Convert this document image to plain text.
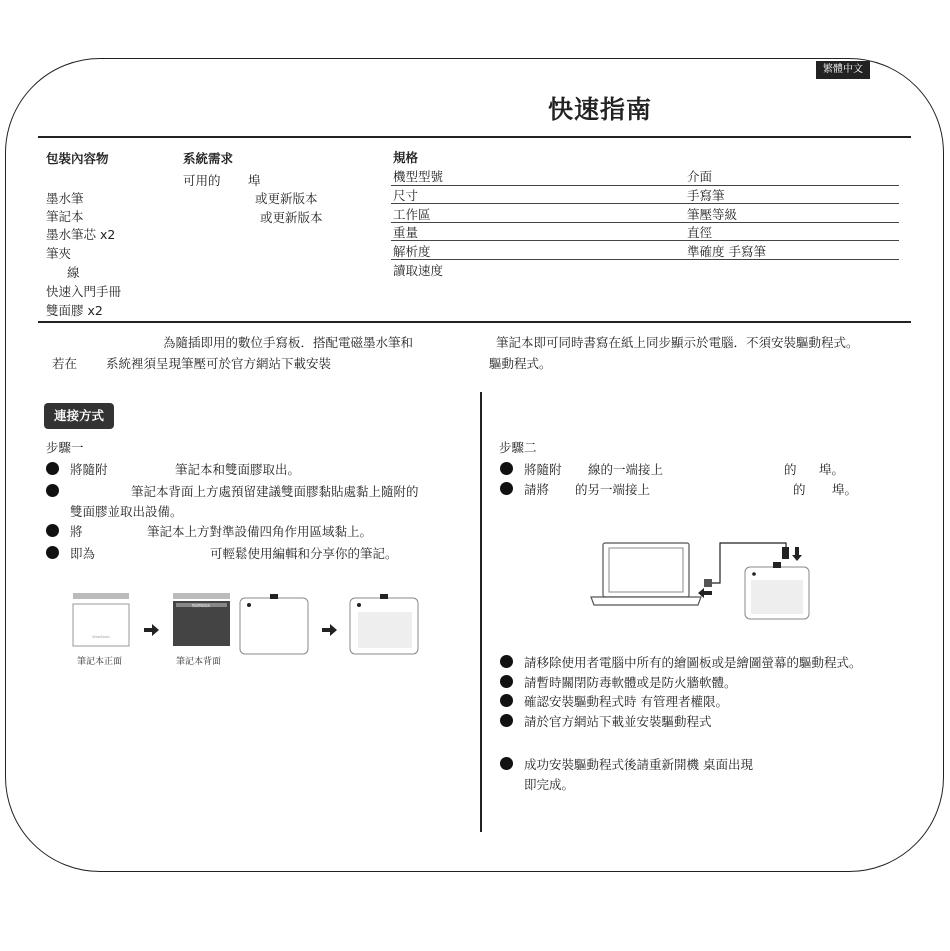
繁體中文
快速指南
包裝內容物
墨水筆
筆記本
墨水筆芯 x2
筆夾
線
快速入門手冊
雙面膠 x2
系統需求
可用的 埠
或更新版本
或更新版本
規格
機型型號	介面
尺寸	手寫筆
工作區	筆壓等級
重量	直徑
解析度	準確度 手寫筆
讀取速度
為隨插即用的數位手寫板．搭配電磁墨水筆和
若在 系統裡須呈現筆壓可於官方網站下載安裝
筆記本即可同時書寫在紙上同步顯示於電腦．不須安裝驅動程式。
驅動程式。
連接方式
步驟一
將隨附	筆記本和雙面膠取出。
筆記本背面上方處預留建議雙面膠黏貼處黏上隨附的
雙面膠並取出設備。
將	筆記本上方對準設備四角作用區域黏上。
即為	可輕鬆使用編輯和分享你的筆記。
ViewSonic
雙面膠黏貼處
筆記本正面	筆記本背面
步驟二
將隨附 線的一端接上	的 埠。
請將 的另一端接上	的 埠。
請移除使用者電腦中所有的繪圖板或是繪圖螢幕的驅動程式。
請暫時關閉防毒軟體或是防火牆軟體。
確認安裝驅動程式時 有管理者權限。
請於官方網站下載並安裝驅動程式
成功安裝驅動程式後請重新開機 桌面出現
即完成。
